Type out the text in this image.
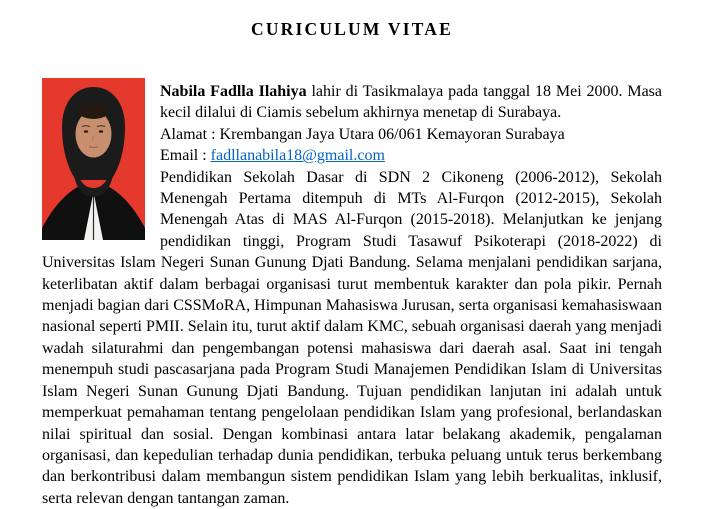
CURICULUM VITAE
Nabila Fadlla Ilahiya lahir di Tasikmalaya pada tanggal 18 Mei 2000. Masa kecil dilalui di Ciamis sebelum akhirnya menetap di Surabaya.
Alamat : Krembangan Jaya Utara 06/061 Kemayoran Surabaya
Email : fadllanabila18@gmail.com
Pendidikan Sekolah Dasar di SDN 2 Cikoneng (2006-2012), Sekolah Menengah Pertama ditempuh di MTs Al-Furqon (2012-2015), Sekolah Menengah Atas di MAS Al-Furqon (2015-2018). Melanjutkan ke jenjang pendidikan tinggi, Program Studi Tasawuf Psikoterapi (2018-2022) di Universitas Islam Negeri Sunan Gunung Djati Bandung. Selama menjalani pendidikan sarjana, keterlibatan aktif dalam berbagai organisasi turut membentuk karakter dan pola pikir. Pernah menjadi bagian dari CSSMoRA, Himpunan Mahasiswa Jurusan, serta organisasi kemahasiswaan nasional seperti PMII. Selain itu, turut aktif dalam KMC, sebuah organisasi daerah yang menjadi wadah silaturahmi dan pengembangan potensi mahasiswa dari daerah asal. Saat ini tengah menempuh studi pascasarjana pada Program Studi Manajemen Pendidikan Islam di Universitas Islam Negeri Sunan Gunung Djati Bandung. Tujuan pendidikan lanjutan ini adalah untuk memperkuat pemahaman tentang pengelolaan pendidikan Islam yang profesional, berlandaskan nilai spiritual dan sosial. Dengan kombinasi antara latar belakang akademik, pengalaman organisasi, dan kepedulian terhadap dunia pendidikan, terbuka peluang untuk terus berkembang dan berkontribusi dalam membangun sistem pendidikan Islam yang lebih berkualitas, inklusif, serta relevan dengan tantangan zaman.
